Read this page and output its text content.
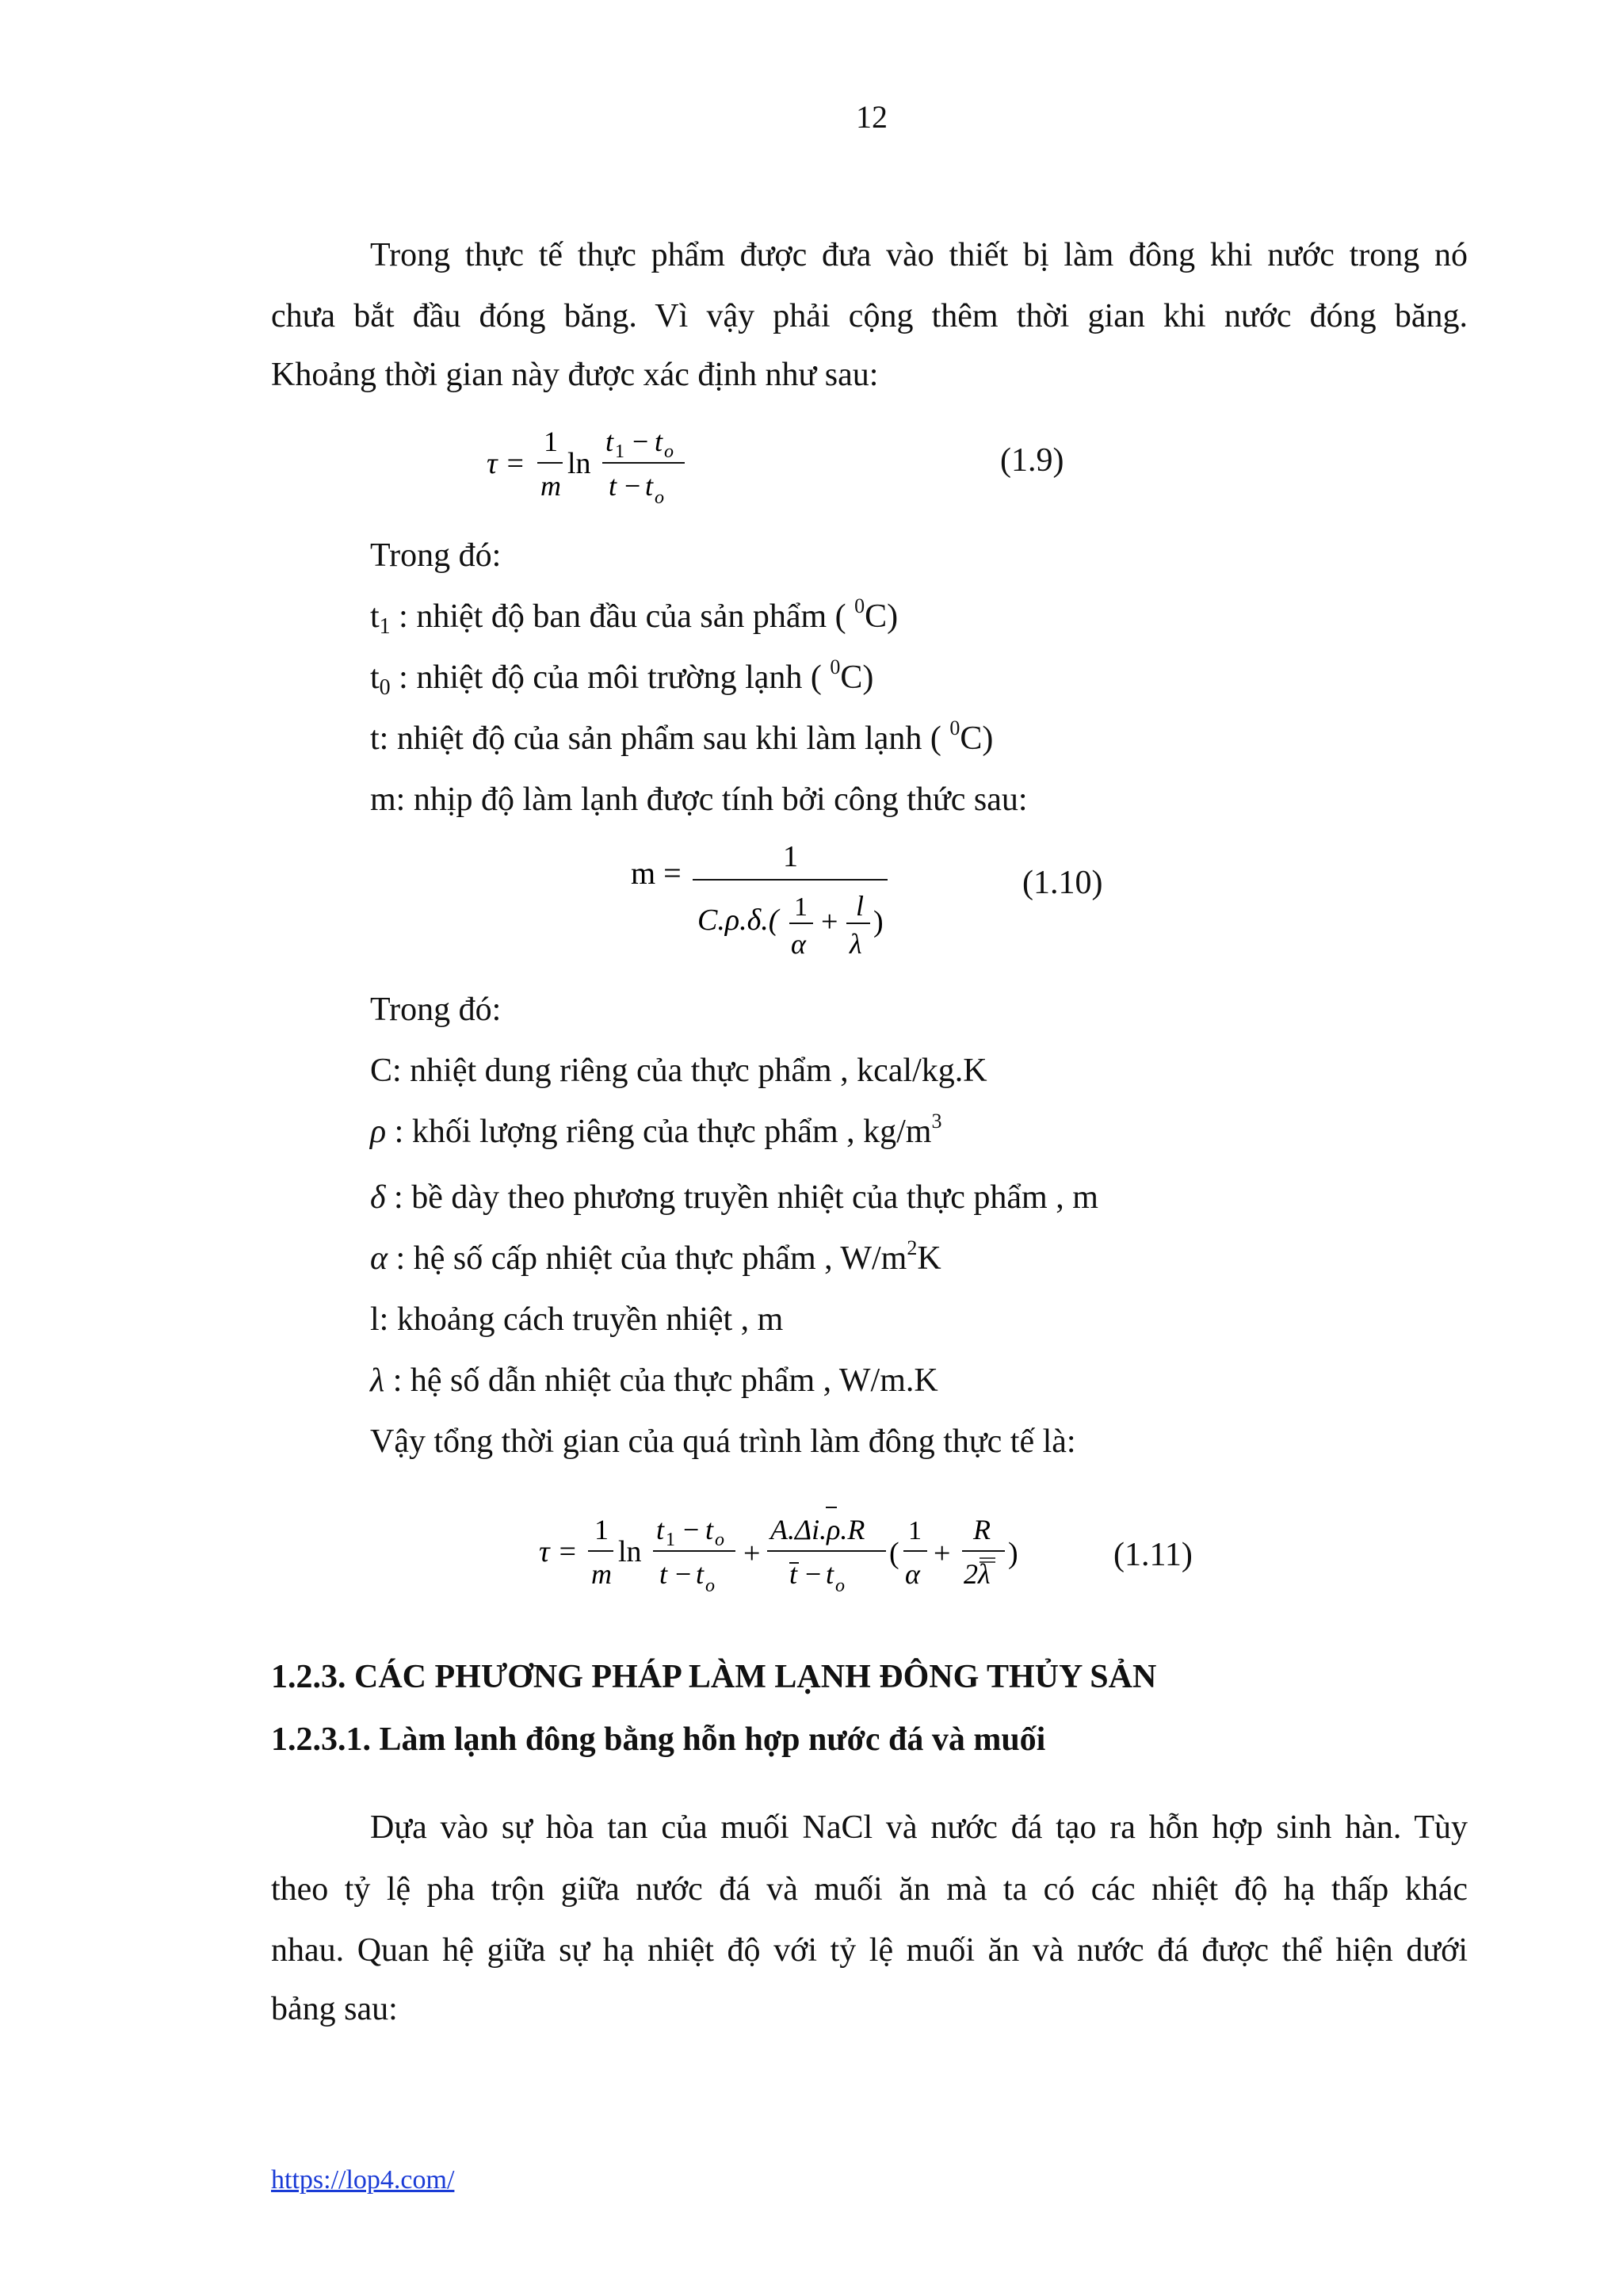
12
Trong thực tế thực phẩm được đưa vào thiết bị làm đông khi nước trong nó
chưa bắt đầu đóng băng. Vì vậy phải cộng thêm thời gian khi nước đóng băng.
Khoảng thời gian này được xác định như sau:
τ =
1
m
ln
t 1 − t o
t − t o
(1.9)
Trong đó:
$t_1$ : nhiệt độ ban đầu của sản phẩm ( $^0$C)
$t_0$ : nhiệt độ của môi trường lạnh ( $^0$C)
t: nhiệt độ của sản phẩm sau khi làm lạnh ( $^0$C)
m: nhịp độ làm lạnh được tính bởi công thức sau:
m =	1
C.ρ.δ.( 1
α
+ l
λ
)
(1.10)
Trong đó:
C: nhiệt dung riêng của thực phẩm , kcal/kg.K
ρ : khối lượng riêng của thực phẩm , $kg/m^3$
δ : bề dày theo phương truyền nhiệt của thực phẩm , m
α : hệ số cấp nhiệt của thực phẩm , $W/m^2K$
l: khoảng cách truyền nhiệt , m
λ : hệ số dẫn nhiệt của thực phẩm , W/m.K
Vậy tổng thời gian của quá trình làm đông thực tế là:
τ =
1
m
ln
t 1 − t o
t − t o
+
A.Δi.ρ.R
t − t o
(
1
α
+
R
2λ
)	(1.11)
1.2.3. CÁC PHƯƠNG PHÁP LÀM LẠNH ĐÔNG THỦY SẢN
1.2.3.1. Làm lạnh đông bằng hỗn hợp nước đá và muối
Dựa vào sự hòa tan của muối NaCl và nước đá tạo ra hỗn hợp sinh hàn. Tùy
theo tỷ lệ pha trộn giữa nước đá và muối ăn mà ta có các nhiệt độ hạ thấp khác
nhau. Quan hệ giữa sự hạ nhiệt độ với tỷ lệ muối ăn và nước đá được thể hiện dưới
bảng sau:
https://lop4.com/
